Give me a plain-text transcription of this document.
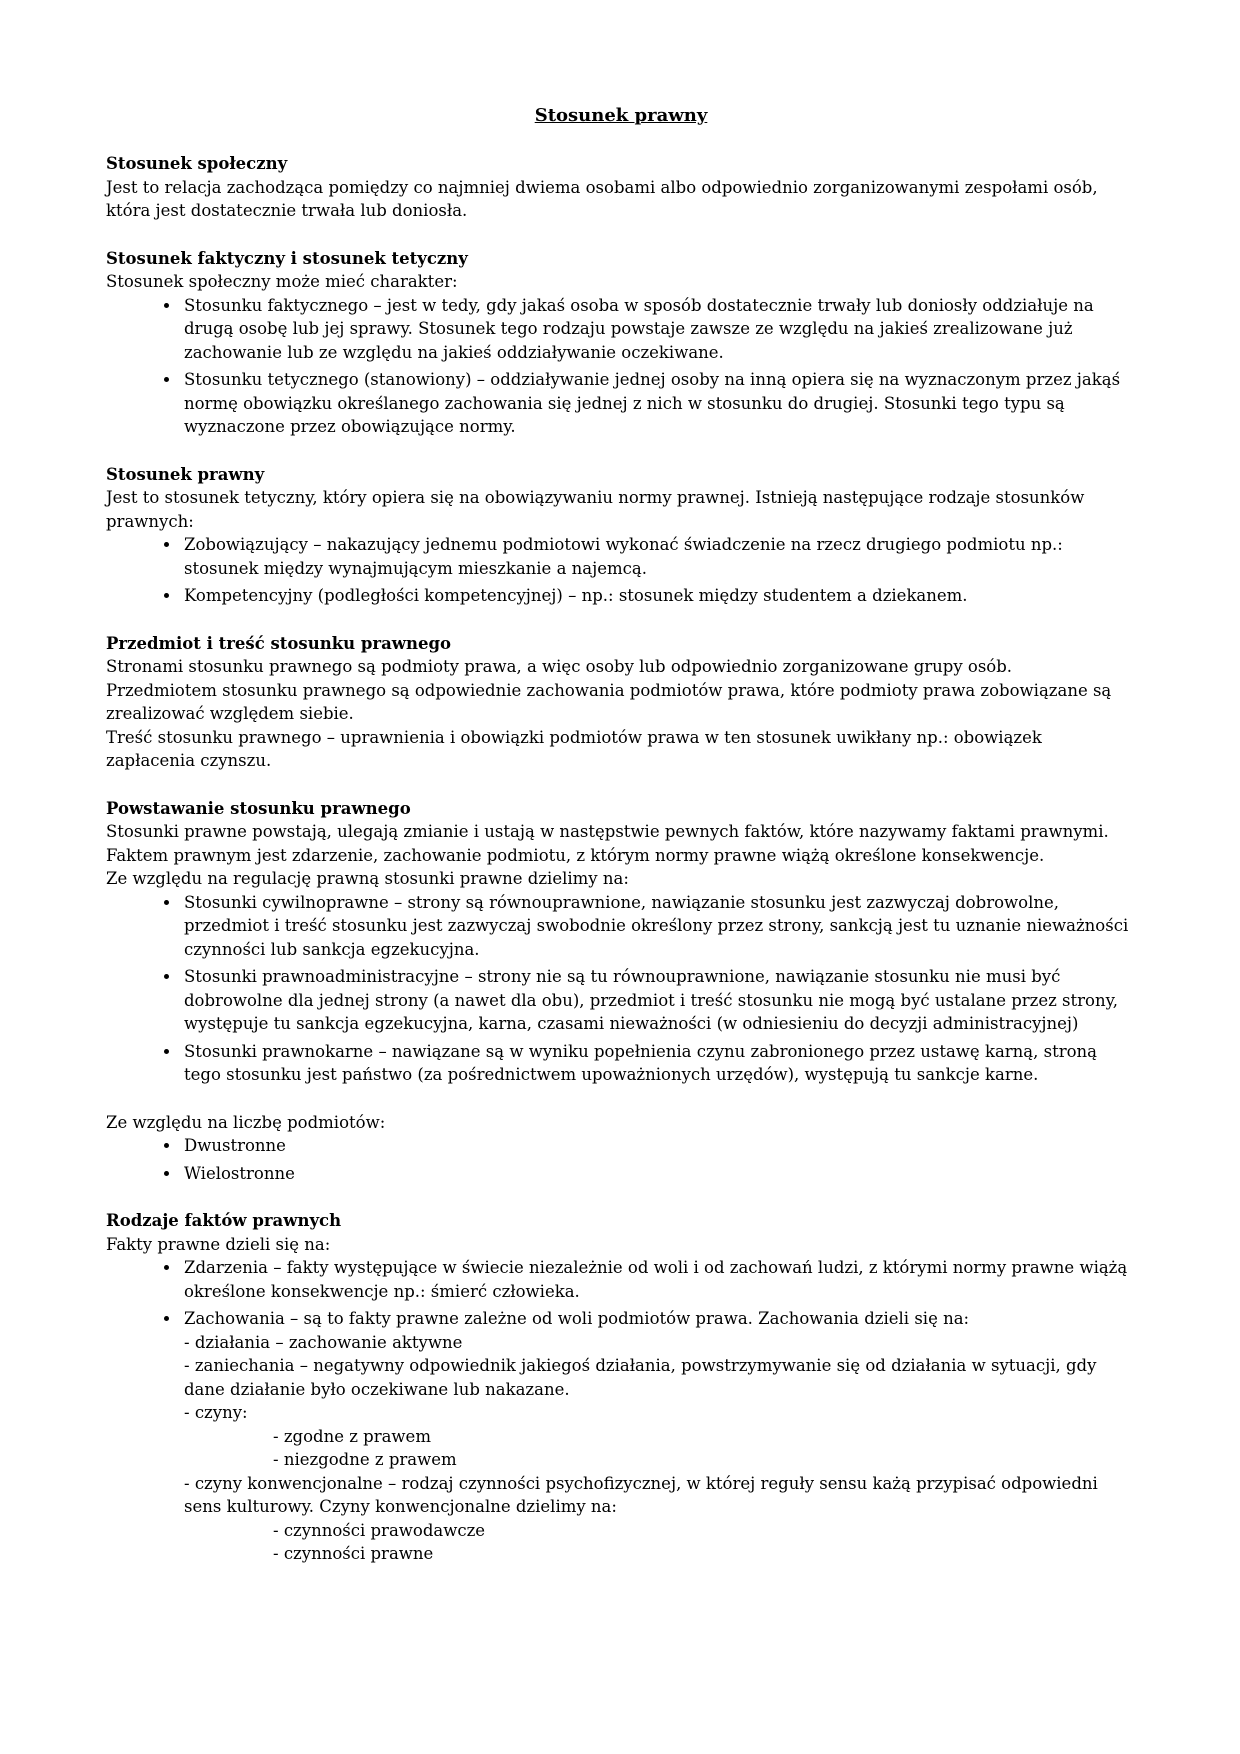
Stosunek prawny
Stosunek społeczny

Jest to relacja zachodząca pomiędzy co najmniej dwiema osobami albo odpowiednio zorganizowanymi zespołami osób, która jest dostatecznie trwała lub doniosła.

Stosunek faktyczny i stosunek tetyczny

Stosunek społeczny może mieć charakter:

• Stosunku faktycznego – jest w tedy, gdy jakaś osoba w sposób dostatecznie trwały lub doniosły oddziałuje na drugą osobę lub jej sprawy. Stosunek tego rodzaju powstaje zawsze ze względu na jakieś zrealizowane już zachowanie lub ze względu na jakieś oddziaływanie oczekiwane.
• Stosunku tetycznego (stanowiony) – oddziaływanie jednej osoby na inną opiera się na wyznaczonym przez jakąś normę obowiązku określanego zachowania się jednej z nich w stosunku do drugiej. Stosunki tego typu są wyznaczone przez obowiązujące normy.
Stosunek prawny

Jest to stosunek tetyczny, który opiera się na obowiązywaniu normy prawnej. Istnieją następujące rodzaje stosunków prawnych:

• Zobowiązujący – nakazujący jednemu podmiotowi wykonać świadczenie na rzecz drugiego podmiotu np.: stosunek między wynajmującym mieszkanie a najemcą.
• Kompetencyjny (podległości kompetencyjnej) – np.: stosunek między studentem a dziekanem.
Przedmiot i treść stosunku prawnego

Stronami stosunku prawnego są podmioty prawa, a więc osoby lub odpowiednio zorganizowane grupy osób.

Przedmiotem stosunku prawnego są odpowiednie zachowania podmiotów prawa, które podmioty prawa zobowiązane są zrealizować względem siebie.

Treść stosunku prawnego – uprawnienia i obowiązki podmiotów prawa w ten stosunek uwikłany np.: obowiązek zapłacenia czynszu.

Powstawanie stosunku prawnego

Stosunki prawne powstają, ulegają zmianie i ustają w następstwie pewnych faktów, które nazywamy faktami prawnymi.

Faktem prawnym jest zdarzenie, zachowanie podmiotu, z którym normy prawne wiążą określone konsekwencje.

Ze względu na regulację prawną stosunki prawne dzielimy na:

• Stosunki cywilnoprawne – strony są równouprawnione, nawiązanie stosunku jest zazwyczaj dobrowolne, przedmiot i treść stosunku jest zazwyczaj swobodnie określony przez strony, sankcją jest tu uznanie nieważności czynności lub sankcja egzekucyjna.
• Stosunki prawnoadministracyjne – strony nie są tu równouprawnione, nawiązanie stosunku nie musi być dobrowolne dla jednej strony (a nawet dla obu), przedmiot i treść stosunku nie mogą być ustalane przez strony, występuje tu sankcja egzekucyjna, karna, czasami nieważności (w odniesieniu do decyzji administracyjnej)
• Stosunki prawnokarne – nawiązane są w wyniku popełnienia czynu zabronionego przez ustawę karną, stroną tego stosunku jest państwo (za pośrednictwem upoważnionych urzędów), występują tu sankcje karne.

Ze względu na liczbę podmiotów:

• Dwustronne
• Wielostronne
Rodzaje faktów prawnych

Fakty prawne dzieli się na:

• Zdarzenia – fakty występujące w świecie niezależnie od woli i od zachowań ludzi, z którymi normy prawne wiążą określone konsekwencje np.: śmierć człowieka.
• Zachowania – są to fakty prawne zależne od woli podmiotów prawa. Zachowania dzieli się na:
- działania – zachowanie aktywne
- zaniechania – negatywny odpowiednik jakiegoś działania, powstrzymywanie się od działania w sytuacji, gdy dane działanie było oczekiwane lub nakazane.
- czyny:
- zgodne z prawem
- niezgodne z prawem
- czyny konwencjonalne – rodzaj czynności psychofizycznej, w której reguły sensu każą przypisać odpowiedni sens kulturowy. Czyny konwencjonalne dzielimy na:
- czynności prawodawcze
- czynności prawne
